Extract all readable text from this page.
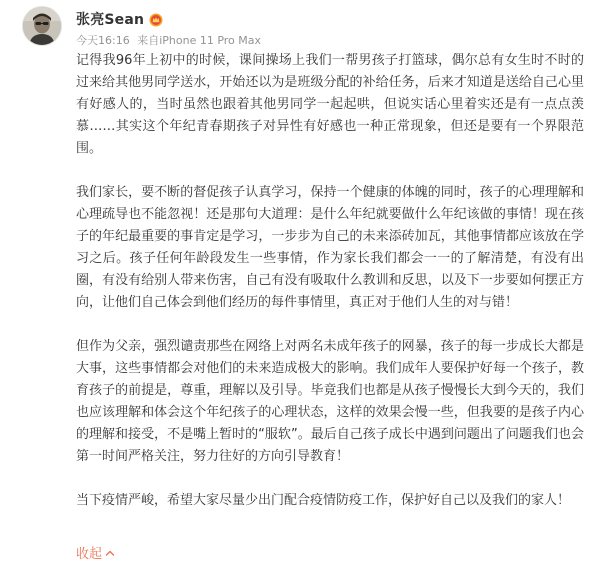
张亮Sean
今天16:16 来自iPhone 11 Pro Max

记得我96年上初中的时候，课间操场上我们一帮男孩子打篮球，偶尔总有女生时不时的过来给其他男同学送水，开始还以为是班级分配的补给任务，后来才知道是送给自己心里有好感人的，当时虽然也跟着其他男同学一起起哄，但说实话心里着实还是有一点点羡慕……其实这个年纪青春期孩子对异性有好感也一种正常现象，但还是要有一个界限范围。

我们家长，要不断的督促孩子认真学习，保持一个健康的体魄的同时，孩子的心理理解和心理疏导也不能忽视！还是那句大道理：是什么年纪就要做什么年纪该做的事情！现在孩子的年纪最重要的事肯定是学习，一步步为自己的未来添砖加瓦，其他事情都应该放在学习之后。孩子任何年龄段发生一些事情，作为家长我们都会一一的了解清楚，有没有出圈，有没有给别人带来伤害，自己有没有吸取什么教训和反思，以及下一步要如何摆正方向，让他们自己体会到他们经历的每件事情里，真正对于他们人生的对与错！

但作为父亲，强烈谴责那些在网络上对两名未成年孩子的网暴，孩子的每一步成长大都是大事，这些事情都会对他们的未来造成极大的影响。我们成年人要保护好每一个孩子，教育孩子的前提是，尊重，理解以及引导。毕竟我们也都是从孩子慢慢长大到今天的，我们也应该理解和体会这个年纪孩子的心理状态，这样的效果会慢一些，但我要的是孩子内心的理解和接受，不是嘴上暂时的“服软”。最后自己孩子成长中遇到问题出了问题我们也会第一时间严格关注，努力往好的方向引导教育！

当下疫情严峻，希望大家尽量少出门配合疫情防疫工作，保护好自己以及我们的家人！

收起
